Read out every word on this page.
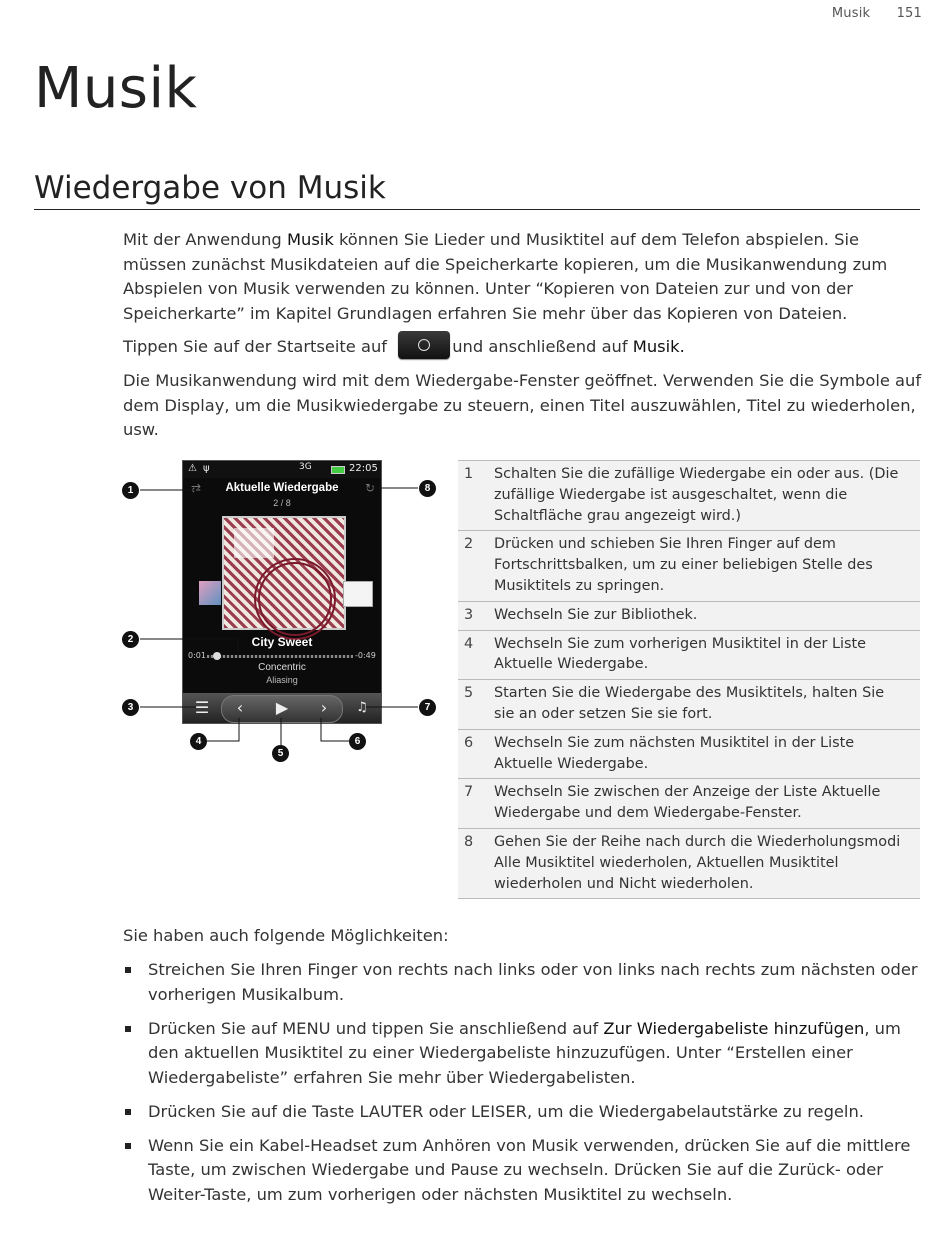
Musik 151
Musik
Wiedergabe von Musik

Mit der Anwendung Musik können Sie Lieder und Musiktitel auf dem Telefon abspielen. Sie müssen zunächst Musikdateien auf die Speicherkarte kopieren, um die Musikanwendung zum Abspielen von Musik verwenden zu können. Unter “Kopieren von Dateien zur und von der Speicherkarte” im Kapitel Grundlagen erfahren Sie mehr über das Kopieren von Dateien.

Tippen Sie auf der Startseite auf	und anschließend auf Musik.

Die Musikanwendung wird mit dem Wiedergabe-Fenster geöffnet. Verwenden Sie die Symbole auf dem Display, um die Musikwiedergabe zu steuern, einen Titel auszuwählen, Titel zu wiederholen, usw.

⚠ ψ	3G	22:05
⇄	Aktuelle Wiedergabe	↻
2 / 8
City Sweet
0:01	-0:49
Concentric
Aliasing
☰	‹	▶	›	♫
1
2
3
4
5
6
7
8
1	Schalten Sie die zufällige Wiedergabe ein oder aus. (Die zufällige Wiedergabe ist ausgeschaltet, wenn die Schaltfläche grau angezeigt wird.)
2	Drücken und schieben Sie Ihren Finger auf dem Fortschrittsbalken, um zu einer beliebigen Stelle des Musiktitels zu springen.
3	Wechseln Sie zur Bibliothek.
4	Wechseln Sie zum vorherigen Musiktitel in der Liste Aktuelle Wiedergabe.
5	Starten Sie die Wiedergabe des Musiktitels, halten Sie sie an oder setzen Sie sie fort.
6	Wechseln Sie zum nächsten Musiktitel in der Liste Aktuelle Wiedergabe.
7	Wechseln Sie zwischen der Anzeige der Liste Aktuelle Wiedergabe und dem Wiedergabe-Fenster.
8	Gehen Sie der Reihe nach durch die Wiederholungsmodi Alle Musiktitel wiederholen, Aktuellen Musiktitel wiederholen und Nicht wiederholen.
Sie haben auch folgende Möglichkeiten:
Streichen Sie Ihren Finger von rechts nach links oder von links nach rechts zum nächsten oder vorherigen Musikalbum.
Drücken Sie auf MENU und tippen Sie anschließend auf Zur Wiedergabeliste hinzufügen, um den aktuellen Musiktitel zu einer Wiedergabeliste hinzuzufügen. Unter “Erstellen einer Wiedergabeliste” erfahren Sie mehr über Wiedergabelisten.
Drücken Sie auf die Taste LAUTER oder LEISER, um die Wiedergabelautstärke zu regeln.
Wenn Sie ein Kabel-Headset zum Anhören von Musik verwenden, drücken Sie auf die mittlere Taste, um zwischen Wiedergabe und Pause zu wechseln. Drücken Sie auf die Zurück- oder Weiter-Taste, um zum vorherigen oder nächsten Musiktitel zu wechseln.
